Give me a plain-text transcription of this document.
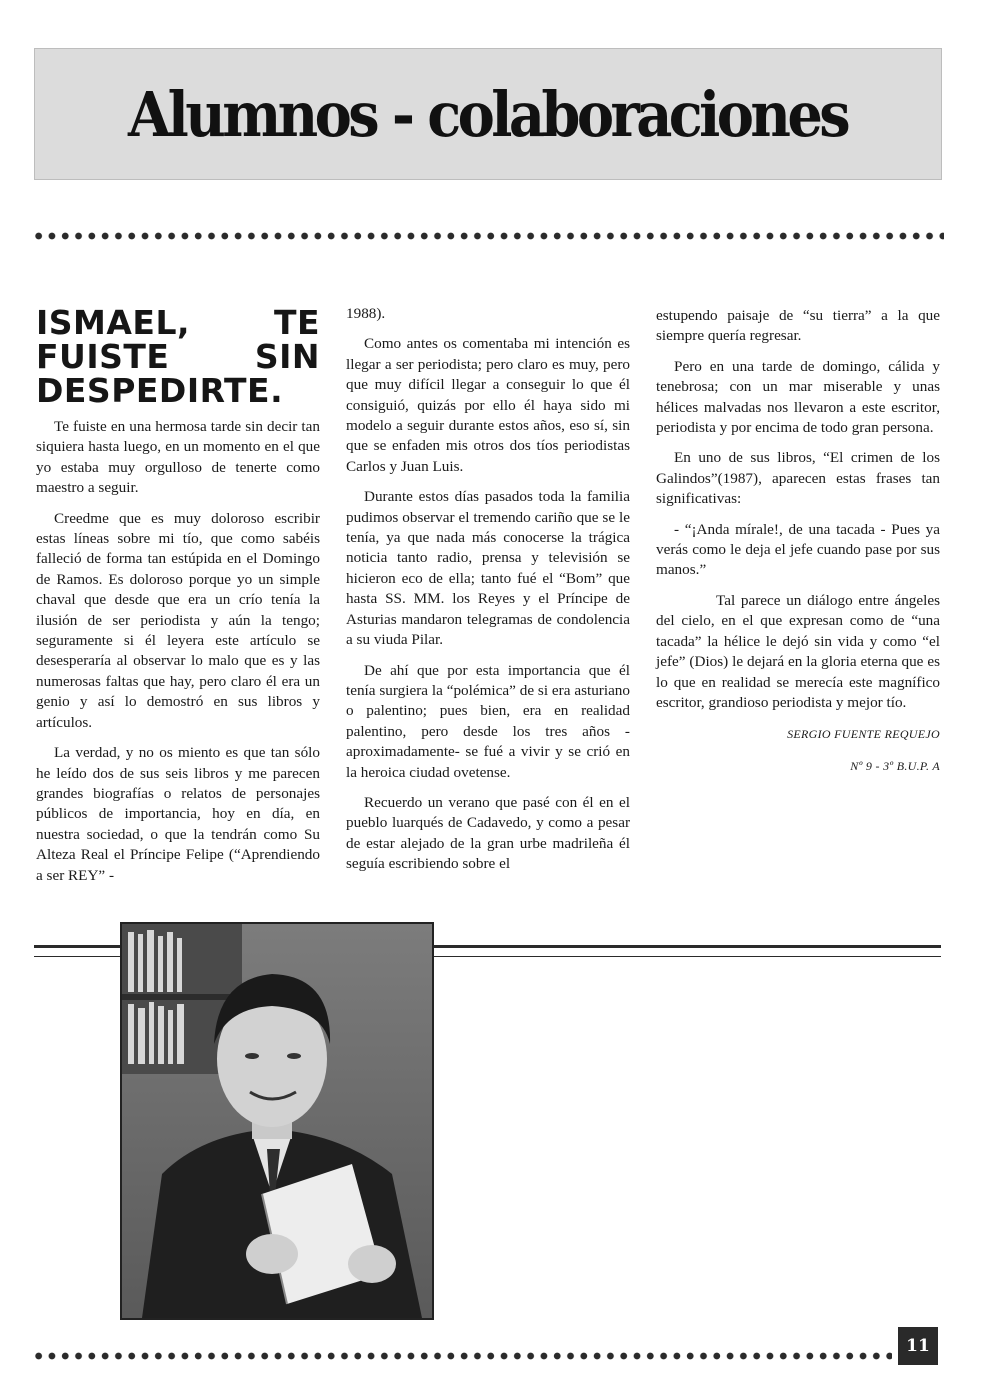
Alumnos - colaboraciones
ISMAEL, TE FUISTE SIN DESPEDIRTE.

Te fuiste en una hermosa tarde sin decir tan siquiera hasta luego, en un momento en el que yo estaba muy orgulloso de tenerte como maestro a seguir.

Creedme que es muy doloroso escribir estas líneas sobre mi tío, que como sabéis falleció de forma tan estúpida en el Domingo de Ramos. Es doloroso porque yo un simple chaval que desde que era un crío tenía la ilusión de ser periodista y aún la tengo; seguramente si él leyera este artículo se desesperaría al observar lo malo que es y las numerosas faltas que hay, pero claro él era un genio y así lo demostró en sus libros y artículos.

La verdad, y no os miento es que tan sólo he leído dos de sus seis libros y me parecen grandes biografías o relatos de personajes públicos de importancia, hoy en día, en nuestra sociedad, o que la tendrán como Su Alteza Real el Príncipe Felipe (“Aprendiendo a ser REY” -

1988).

Como antes os comentaba mi intención es llegar a ser periodista; pero claro es muy, pero que muy difícil llegar a conseguir lo que él consiguió, quizás por ello él haya sido mi modelo a seguir durante estos años, eso sí, sin que se enfaden mis otros dos tíos periodistas Carlos y Juan Luis.

Durante estos días pasados toda la familia pudimos observar el tremendo cariño que se le tenía, ya que nada más conocerse la trágica noticia tanto radio, prensa y televisión se hicieron eco de ella; tanto fué el “Bom” que hasta SS. MM. los Reyes y el Príncipe de Asturias mandaron telegramas de condolencia a su viuda Pilar.

De ahí que por esta importancia que él tenía surgiera la “polémica” de si era asturiano o palentino; pues bien, era en realidad palentino, pero desde los tres años -aproximadamente- se fué a vivir y se crió en la heroica ciudad ovetense.

Recuerdo un verano que pasé con él en el pueblo luarqués de Cadavedo, y como a pesar de estar alejado de la gran urbe madrileña él seguía escribiendo sobre el

estupendo paisaje de “su tierra” a la que siempre quería regresar.

Pero en una tarde de domingo, cálida y tenebrosa; con un mar miserable y unas hélices malvadas nos llevaron a este escritor, periodista y por encima de todo gran persona.

En uno de sus libros, “El crimen de los Galindos”(1987), aparecen estas frases tan significativas:

- “¡Anda mírale!, de una tacada - Pues ya verás como le deja el jefe cuando pase por sus manos.”

Tal parece un diálogo entre ángeles del cielo, en el que expresan como de “una tacada” la hélice le dejó sin vida y como “el jefe” (Dios) le dejará en la gloria eterna que es lo que en realidad se merecía este magnífico escritor, grandioso periodista y mejor tío.

SERGIO FUENTE REQUEJO

Nº 9 - 3º B.U.P. A

11
